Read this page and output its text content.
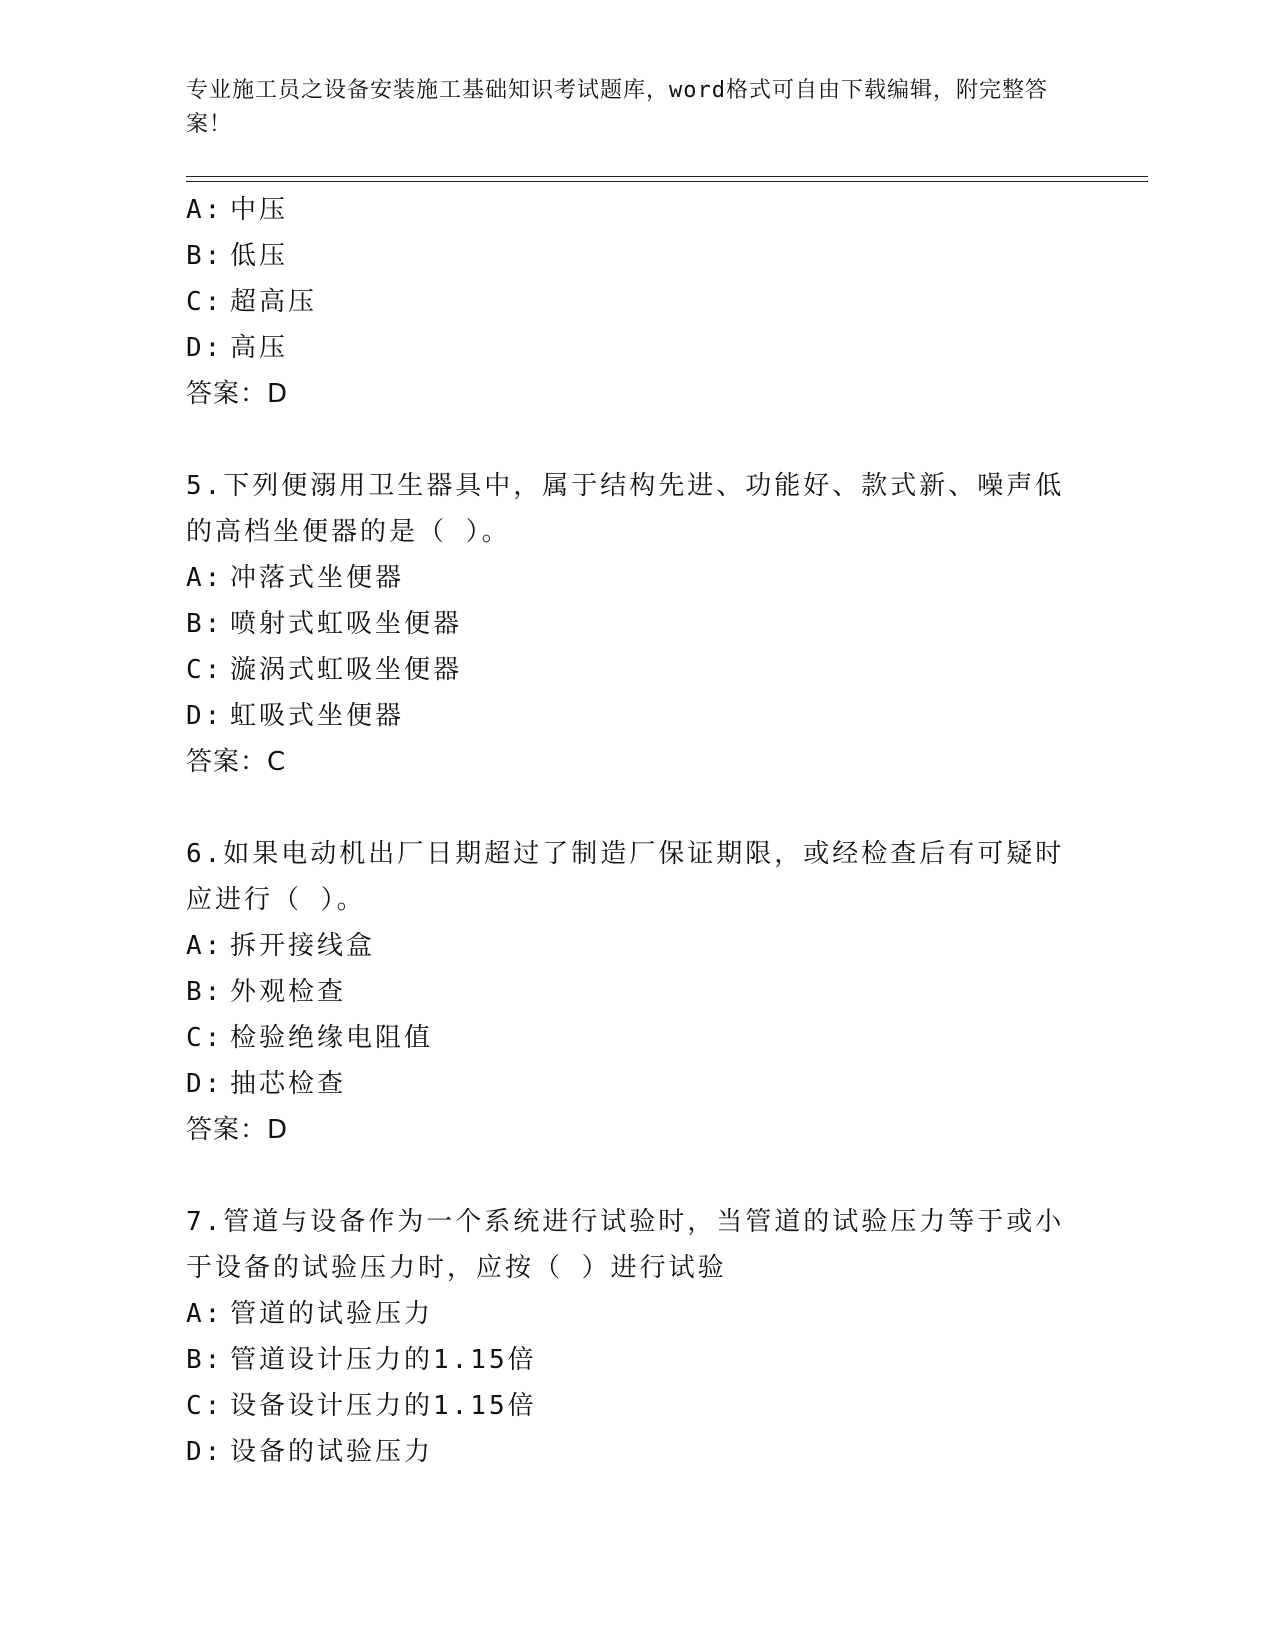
专业施工员之设备安装施工基础知识考试题库，word格式可自由下载编辑，附完整答案！
A: 中压
B: 低压
C: 超高压
D: 高压
答案：D
5.下列便溺用卫生器具中，属于结构先进、功能好、款式新、噪声低
的高档坐便器的是（ ）。
A: 冲落式坐便器
B: 喷射式虹吸坐便器
C: 漩涡式虹吸坐便器
D: 虹吸式坐便器
答案：C
6.如果电动机出厂日期超过了制造厂保证期限，或经检查后有可疑时
应进行（ ）。
A: 拆开接线盒
B: 外观检查
C: 检验绝缘电阻值
D: 抽芯检查
答案：D
7.管道与设备作为一个系统进行试验时，当管道的试验压力等于或小
于设备的试验压力时，应按（ ）进行试验
A: 管道的试验压力
B: 管道设计压力的1.15倍
C: 设备设计压力的1.15倍
D: 设备的试验压力
